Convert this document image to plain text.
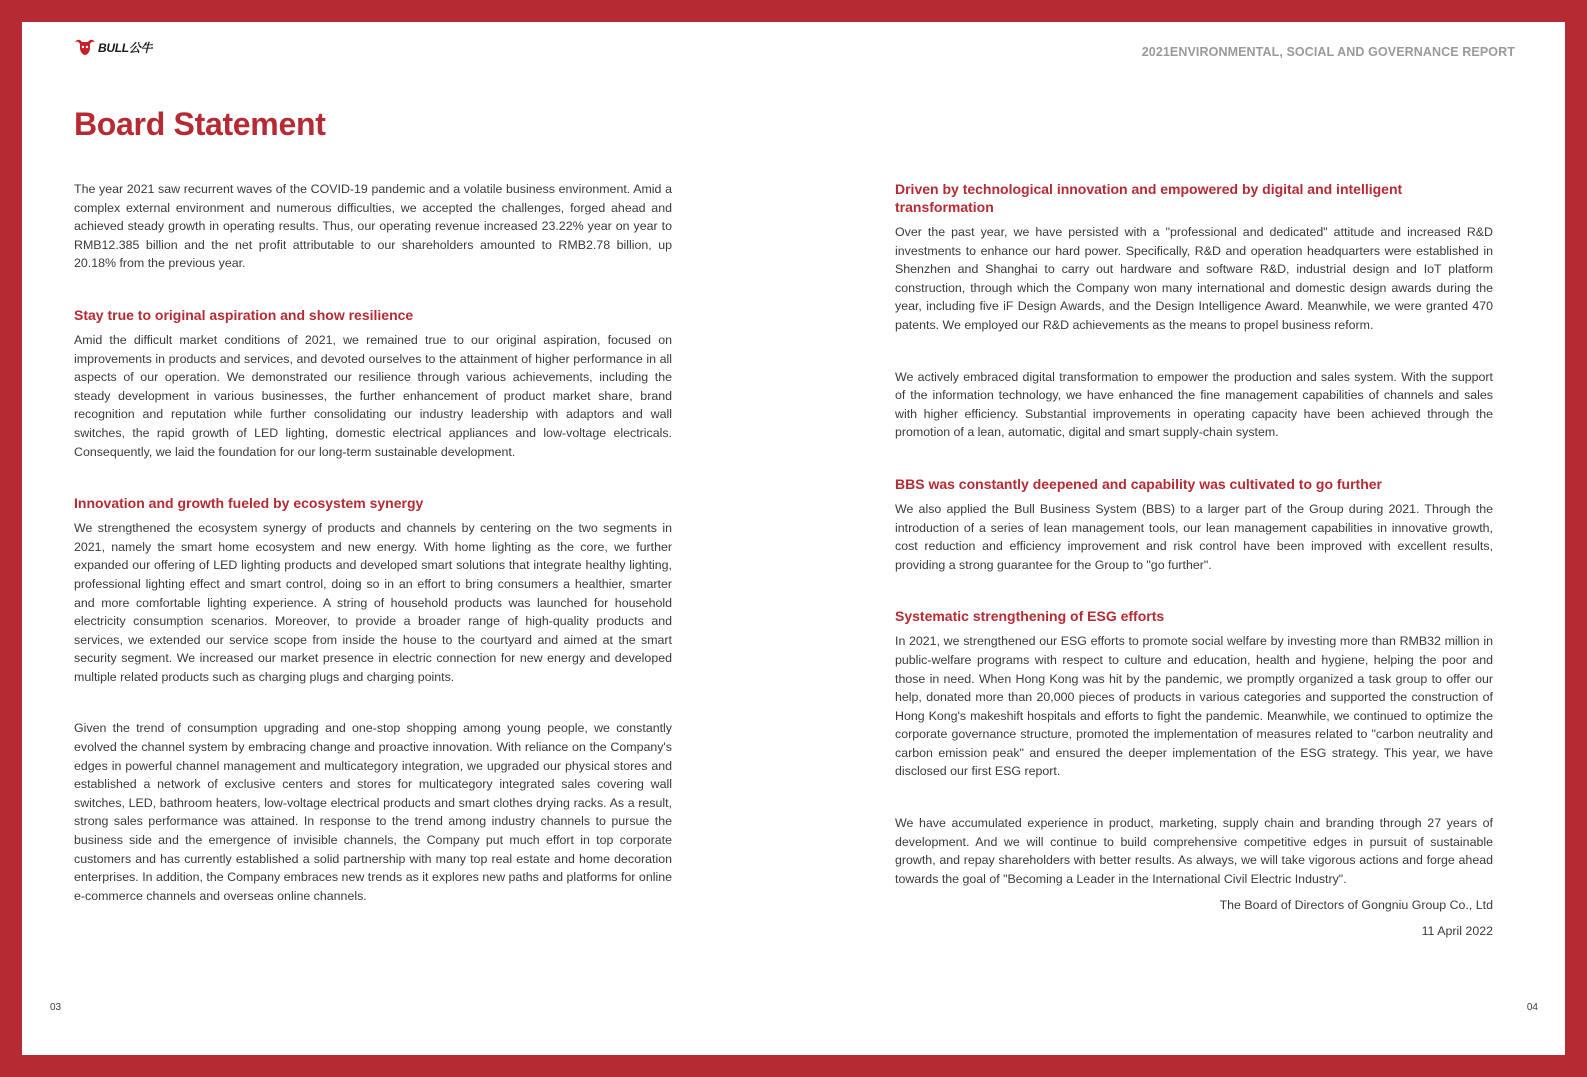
BULL公牛	2021ENVIRONMENTAL, SOCIAL AND GOVERNANCE REPORT
Board Statement

The year 2021 saw recurrent waves of the COVID-19 pandemic and a volatile business environment. Amid a complex external environment and numerous difficulties, we accepted the challenges, forged ahead and achieved steady growth in operating results. Thus, our operating revenue increased 23.22% year on year to RMB12.385 billion and the net profit attributable to our shareholders amounted to RMB2.78 billion, up 20.18% from the previous year.

Stay true to original aspiration and show resilience

Amid the difficult market conditions of 2021, we remained true to our original aspiration, focused on improvements in products and services, and devoted ourselves to the attainment of higher performance in all aspects of our operation. We demonstrated our resilience through various achievements, including the steady development in various businesses, the further enhancement of product market share, brand recognition and reputation while further consolidating our industry leadership with adaptors and wall switches, the rapid growth of LED lighting, domestic electrical appliances and low-voltage electricals. Consequently, we laid the foundation for our long-term sustainable development.

Innovation and growth fueled by ecosystem synergy

We strengthened the ecosystem synergy of products and channels by centering on the two segments in 2021, namely the smart home ecosystem and new energy. With home lighting as the core, we further expanded our offering of LED lighting products and developed smart solutions that integrate healthy lighting, professional lighting effect and smart control, doing so in an effort to bring consumers a healthier, smarter and more comfortable lighting experience. A string of household products was launched for household electricity consumption scenarios. Moreover, to provide a broader range of high-quality products and services, we extended our service scope from inside the house to the courtyard and aimed at the smart security segment. We increased our market presence in electric connection for new energy and developed multiple related products such as charging plugs and charging points.

Given the trend of consumption upgrading and one-stop shopping among young people, we constantly evolved the channel system by embracing change and proactive innovation. With reliance on the Company's edges in powerful channel management and multicategory integration, we upgraded our physical stores and established a network of exclusive centers and stores for multicategory integrated sales covering wall switches, LED, bathroom heaters, low-voltage electrical products and smart clothes drying racks. As a result, strong sales performance was attained. In response to the trend among industry channels to pursue the business side and the emergence of invisible channels, the Company put much effort in top corporate customers and has currently established a solid partnership with many top real estate and home decoration enterprises. In addition, the Company embraces new trends as it explores new paths and platforms for online e-commerce channels and overseas online channels.

Driven by technological innovation and empowered by digital and intelligent transformation

Over the past year, we have persisted with a "professional and dedicated" attitude and increased R&D investments to enhance our hard power. Specifically, R&D and operation headquarters were established in Shenzhen and Shanghai to carry out hardware and software R&D, industrial design and IoT platform construction, through which the Company won many international and domestic design awards during the year, including five iF Design Awards, and the Design Intelligence Award. Meanwhile, we were granted 470 patents. We employed our R&D achievements as the means to propel business reform.

We actively embraced digital transformation to empower the production and sales system. With the support of the information technology, we have enhanced the fine management capabilities of channels and sales with higher efficiency. Substantial improvements in operating capacity have been achieved through the promotion of a lean, automatic, digital and smart supply-chain system.

BBS was constantly deepened and capability was cultivated to go further

We also applied the Bull Business System (BBS) to a larger part of the Group during 2021. Through the introduction of a series of lean management tools, our lean management capabilities in innovative growth, cost reduction and efficiency improvement and risk control have been improved with excellent results, providing a strong guarantee for the Group to "go further".

Systematic strengthening of ESG efforts

In 2021, we strengthened our ESG efforts to promote social welfare by investing more than RMB32 million in public-welfare programs with respect to culture and education, health and hygiene, helping the poor and those in need. When Hong Kong was hit by the pandemic, we promptly organized a task group to offer our help, donated more than 20,000 pieces of products in various categories and supported the construction of Hong Kong's makeshift hospitals and efforts to fight the pandemic. Meanwhile, we continued to optimize the corporate governance structure, promoted the implementation of measures related to "carbon neutrality and carbon emission peak" and ensured the deeper implementation of the ESG strategy. This year, we have disclosed our first ESG report.

We have accumulated experience in product, marketing, supply chain and branding through 27 years of development. And we will continue to build comprehensive competitive edges in pursuit of sustainable growth, and repay shareholders with better results. As always, we will take vigorous actions and forge ahead towards the goal of "Becoming a Leader in the International Civil Electric Industry".

The Board of Directors of Gongniu Group Co., Ltd

11 April 2022

03	04
